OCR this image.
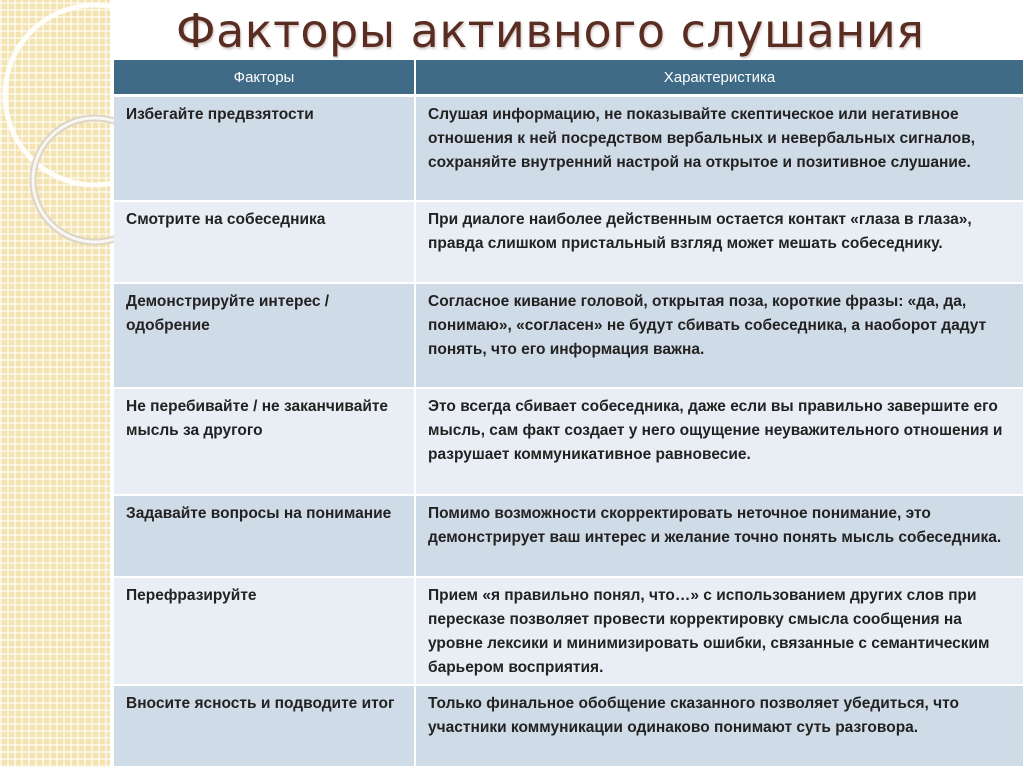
Факторы активного слушания
Факторы	Характеристика
Избегайте предвзятости	Слушая информацию, не показывайте скептическое или негативное отношения к ней посредством вербальных и невербальных сигналов, сохраняйте внутренний настрой на открытое и позитивное слушание.
Смотрите на собеседника	При диалоге наиболее действенным остается контакт «глаза в глаза», правда слишком пристальный взгляд может мешать собеседнику.
Демонстрируйте интерес / одобрение	Согласное кивание головой, открытая поза, короткие фразы: «да, да, понимаю», «согласен» не будут сбивать собеседника, а наоборот дадут понять, что его информация важна.
Не перебивайте / не заканчивайте мысль за другого	Это всегда сбивает собеседника, даже если вы правильно завершите его мысль, сам факт создает у него ощущение неуважительного отношения и разрушает коммуникативное равновесие.
Задавайте вопросы на понимание	Помимо возможности скорректировать неточное понимание, это демонстрирует ваш интерес и желание точно понять мысль собеседника.
Перефразируйте	Прием «я правильно понял, что…» с использованием других слов при пересказе позволяет провести корректировку смысла сообщения на уровне лексики и минимизировать ошибки, связанные с семантическим барьером восприятия.
Вносите ясность и подводите итог	Только финальное обобщение сказанного позволяет убедиться, что участники коммуникации одинаково понимают суть разговора.
